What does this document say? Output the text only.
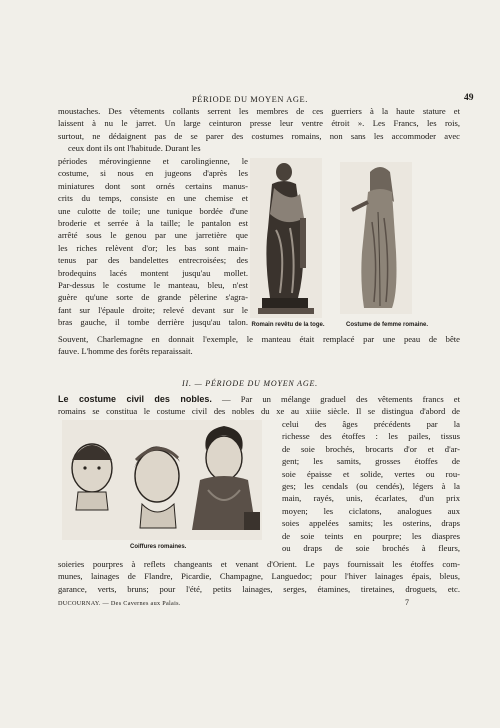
PÉRIODE DU MOYEN AGE.	49

moustaches. Des vêtements collants serrent les membres de ces guerriers à la haute stature et

laissent à nu le jarret. Un large ceinturon presse leur ventre étroit ». Les Francs, les rois,

surtout, ne dédaignent pas de se parer des costumes romains, non sans les accommoder avec

ceux dont ils ont l'habitude. Durant les

périodes mérovingienne et carolingienne, le

costume, si nous en jugeons d'après les

miniatures dont sont ornés certains manus-

crits du temps, consiste en une chemise et

une culotte de toile; une tunique bordée d'une

broderie et serrée à la taille; le pantalon est

arrêté sous le genou par une jarretière que

les riches relèvent d'or; les bas sont main-

tenus par des bandelettes entrecroisées; des

brodequins lacés montent jusqu'au mollet.

Par-dessus le costume le manteau, bleu, n'est

guère qu'une sorte de grande pèlerine s'agra-

fant sur l'épaule droite; relevé devant sur le

bras gauche, il tombe derrière jusqu'au talon. Romain revêtu de la toge.	Costume de femme romaine.

Souvent, Charlemagne en donnait l'exemple, le manteau était remplacé par une peau de bête

fauve. L'homme des forêts reparaissait.

II. — PÉRIODE DU MOYEN AGE.

Le costume civil des nobles. — Par un mélange graduel des vêtements francs et

romains se constitua le costume civil des nobles du xe au xiiie siècle. Il se distingua d'abord de

Coiffures romaines.

celui des âges précédents par la

richesse des étoffes : les pailes, tissus

de soie brochés, brocarts d'or et d'ar-

gent; les samits, grosses étoffes de

soie épaisse et solide, vertes ou rou-

ges; les cendals (ou cendés), légers à la

main, rayés, unis, écarlates, d'un prix

moyen; les ciclatons, analogues aux

soies appelées samits; les osterins, draps

de soie teints en pourpre; les diaspres

ou draps de soie brochés à fleurs,

soieries pourpres à reflets changeants et venant d'Orient. Le pays fournissait les étoffes com-

munes, lainages de Flandre, Picardie, Champagne, Languedoc; pour l'hiver lainages épais, bleus,

garance, verts, bruns; pour l'été, petits lainages, serges, étamines, tiretaines, droguets, etc.

DUCOURNAY. — Des Cavernes aux Palais.	7
